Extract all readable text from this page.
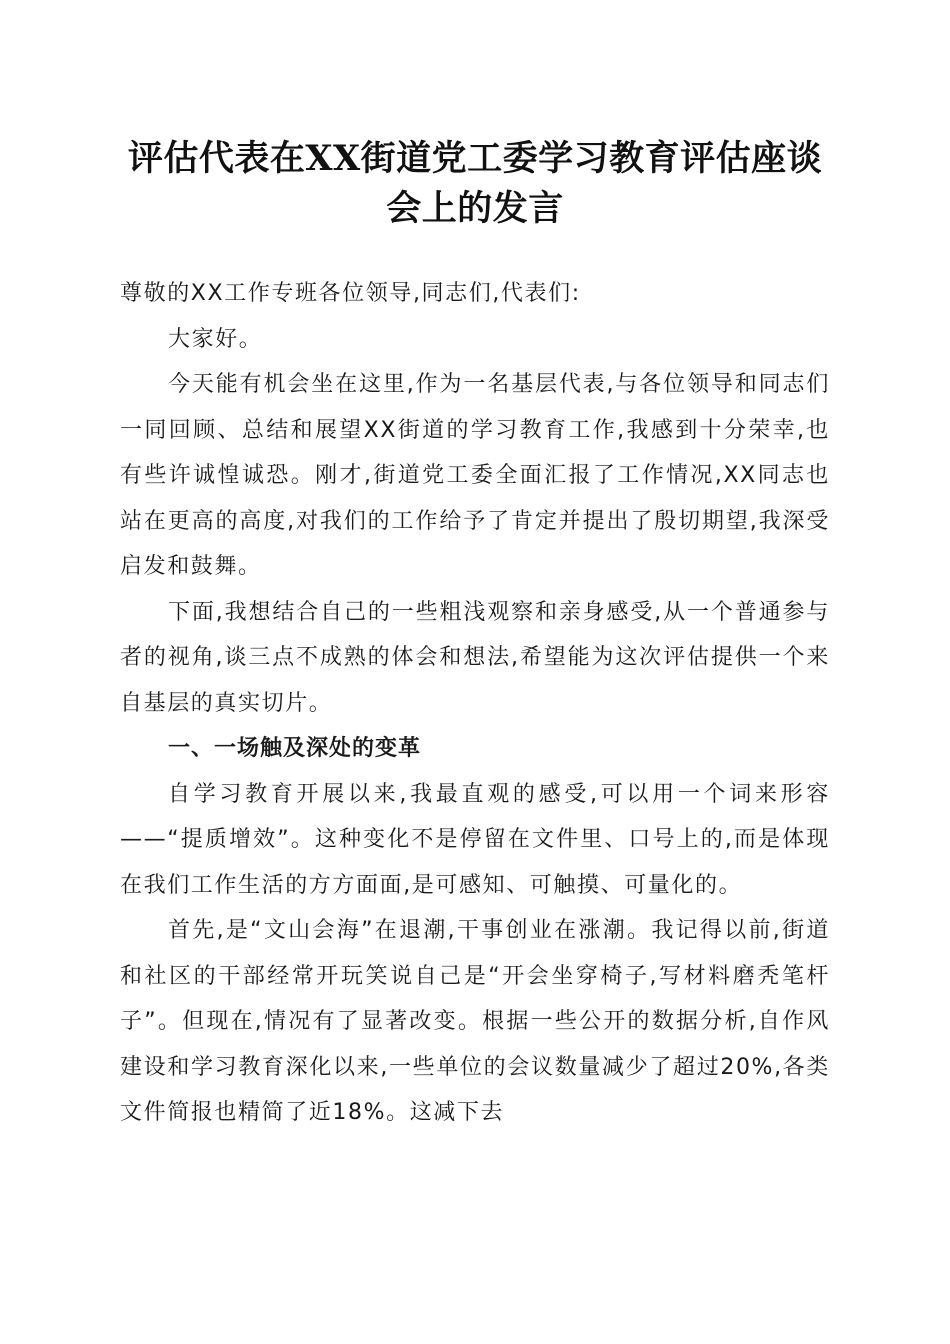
评估代表在XX街道党工委学习教育评估座谈
会上的发言

尊敬的XX工作专班各位领导,同志们,代表们:

大家好。

今天能有机会坐在这里,作为一名基层代表,与各位领导和同志们一同回顾、总结和展望XX街道的学习教育工作,我感到十分荣幸,也有些许诚惶诚恐。刚才,街道党工委全面汇报了工作情况,XX同志也站在更高的高度,对我们的工作给予了肯定并提出了殷切期望,我深受启发和鼓舞。

下面,我想结合自己的一些粗浅观察和亲身感受,从一个普通参与者的视角,谈三点不成熟的体会和想法,希望能为这次评估提供一个来自基层的真实切片。

一、一场触及深处的变革

自学习教育开展以来,我最直观的感受,可以用一个词来形容——“提质增效”。这种变化不是停留在文件里、口号上的,而是体现在我们工作生活的方方面面,是可感知、可触摸、可量化的。

首先,是“文山会海”在退潮,干事创业在涨潮。我记得以前,街道和社区的干部经常开玩笑说自己是“开会坐穿椅子,写材料磨秃笔杆子”。但现在,情况有了显著改变。根据一些公开的数据分析,自作风建设和学习教育深化以来,一些单位的会议数量减少了超过20%,各类文件简报也精简了近18%。这减下去
